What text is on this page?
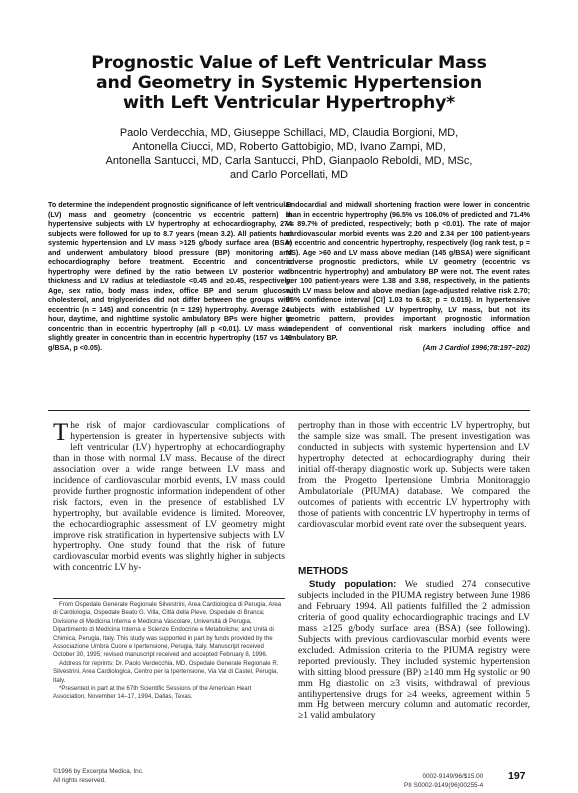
Prognostic Value of Left Ventricular Mass
and Geometry in Systemic Hypertension
with Left Ventricular Hypertrophy*
Paolo Verdecchia, MD, Giuseppe Schillaci, MD, Claudia Borgioni, MD,
Antonella Ciucci, MD, Roberto Gattobigio, MD, Ivano Zampi, MD,
Antonella Santucci, MD, Carla Santucci, PhD, Gianpaolo Reboldi, MD, MSc,
and Carlo Porcellati, MD

To determine the independent prognostic significance of left ventricular (LV) mass and geometry (concentric vs eccentric pattern) in hypertensive subjects with LV hypertrophy at echocardiography, 274 subjects were followed for up to 8.7 years (mean 3.2). All patients had systemic hypertension and LV mass >125 g/body surface area (BSA) and underwent ambulatory blood pressure (BP) monitoring and echocardiography before treatment. Eccentric and concentric hypertrophy were defined by the ratio between LV posterior wall thickness and LV radius at telediastole <0.45 and ≥0.45, respectively. Age, sex ratio, body mass index, office BP and serum glucose, cholesterol, and triglycerides did not differ between the groups with eccentric (n = 145) and concentric (n = 129) hypertrophy. Average 24-hour, daytime, and nighttime systolic ambulatory BPs were higher in concentric than in eccentric hypertrophy (all p <0.01). LV mass was slightly greater in concentric than in eccentric hypertrophy (157 vs 149 g/BSA, p <0.05).

Endocardial and midwall shortening fraction were lower in concentric than in eccentric hypertrophy (96.5% vs 106.0% of predicted and 71.4% vs 89.7% of predicted, respectively; both p <0.01). The rate of major cardiovascular morbid events was 2.20 and 2.34 per 100 patient-years in eccentric and concentric hypertrophy, respectively (log rank test, p = NS). Age >60 and LV mass above median (145 g/BSA) were significant adverse prognostic predictors, while LV geometry (eccentric vs concentric hypertrophy) and ambulatory BP were not. The event rates per 100 patient-years were 1.38 and 3.98, respectively, in the patients with LV mass below and above median (age-adjusted relative risk 2.70; 95% confidence interval [CI] 1.03 to 6.63; p = 0.015). In hypertensive subjects with established LV hypertrophy, LV mass, but not its geometric pattern, provides important prognostic information independent of conventional risk markers including office and ambulatory BP.

(Am J Cardiol 1996;78:197–202)

The risk of major cardiovascular complications of hypertension is greater in hypertensive subjects with left ventricular (LV) hypertrophy at echocardiography than in those with normal LV mass. Because of the direct association over a wide range between LV mass and incidence of cardiovascular morbid events, LV mass could provide further prognostic information independent of other risk factors, even in the presence of established LV hypertrophy, but available evidence is limited. Moreover, the echocardiographic assessment of LV geometry might improve risk stratification in hypertensive subjects with LV hypertrophy. One study found that the risk of future cardiovascular morbid events was slightly higher in subjects with concentric LV hy-

pertrophy than in those with eccentric LV hypertrophy, but the sample size was small. The present investigation was conducted in subjects with systemic hypertension and LV hypertrophy detected at echocardiography during their initial off-therapy diagnostic work up. Subjects were taken from the Progetto Ipertensione Umbria Monitoraggio Ambulatoriale (PIUMA) database. We compared the outcomes of patients with eccentric LV hypertrophy with those of patients with concentric LV hypertrophy in terms of cardiovascular morbid event rate over the subsequent years.

METHODS

Study population: We studied 274 consecutive subjects included in the PIUMA registry between June 1986 and February 1994. All patients fulfilled the 2 admission criteria of good quality echocardiographic tracings and LV mass ≥125 g/body surface area (BSA) (see following). Subjects with previous cardiovascular morbid events were excluded. Admission criteria to the PIUMA registry were reported previously. They included systemic hypertension with sitting blood pressure (BP) ≥140 mm Hg systolic or 90 mm Hg diastolic on ≥3 visits, withdrawal of previous antihypertensive drugs for ≥4 weeks, agreement within 5 mm Hg between mercury column and automatic recorder, ≥1 valid ambulatory

From Ospedale Generale Regionale Silvestrini, Area Cardiologica di Perugia, Area di Cardiologia, Ospedale Beato G. Villa, Città della Pieve, Ospedale di Branca; Divisione di Medicina Interna e Medicina Vascolare, Università di Perugia, Dipartimento di Medicina Interna e Scienze Endocrine e Metaboliche; and Unità di Chimica, Perugia, Italy. This study was supported in part by funds provided by the Associazione Umbra Cuore e Ipertensione, Perugia, Italy. Manuscript received October 30, 1995; revised manuscript received and accepted February 8, 1996.

Address for reprints: Dr. Paolo Verdecchia, MD, Ospedale Generale Regionale R. Silvestrini, Area Cardiologica, Centro per la Ipertensione, Via Val di Castel, Perugia, Italy.

*Presented in part at the 67th Scientific Sessions of the American Heart Association, November 14–17, 1994, Dallas, Texas.

©1996 by Excerpta Medica, Inc.
All rights reserved.	0002-9149/96/$15.00
PII S0002-9149(96)00255-4
197
